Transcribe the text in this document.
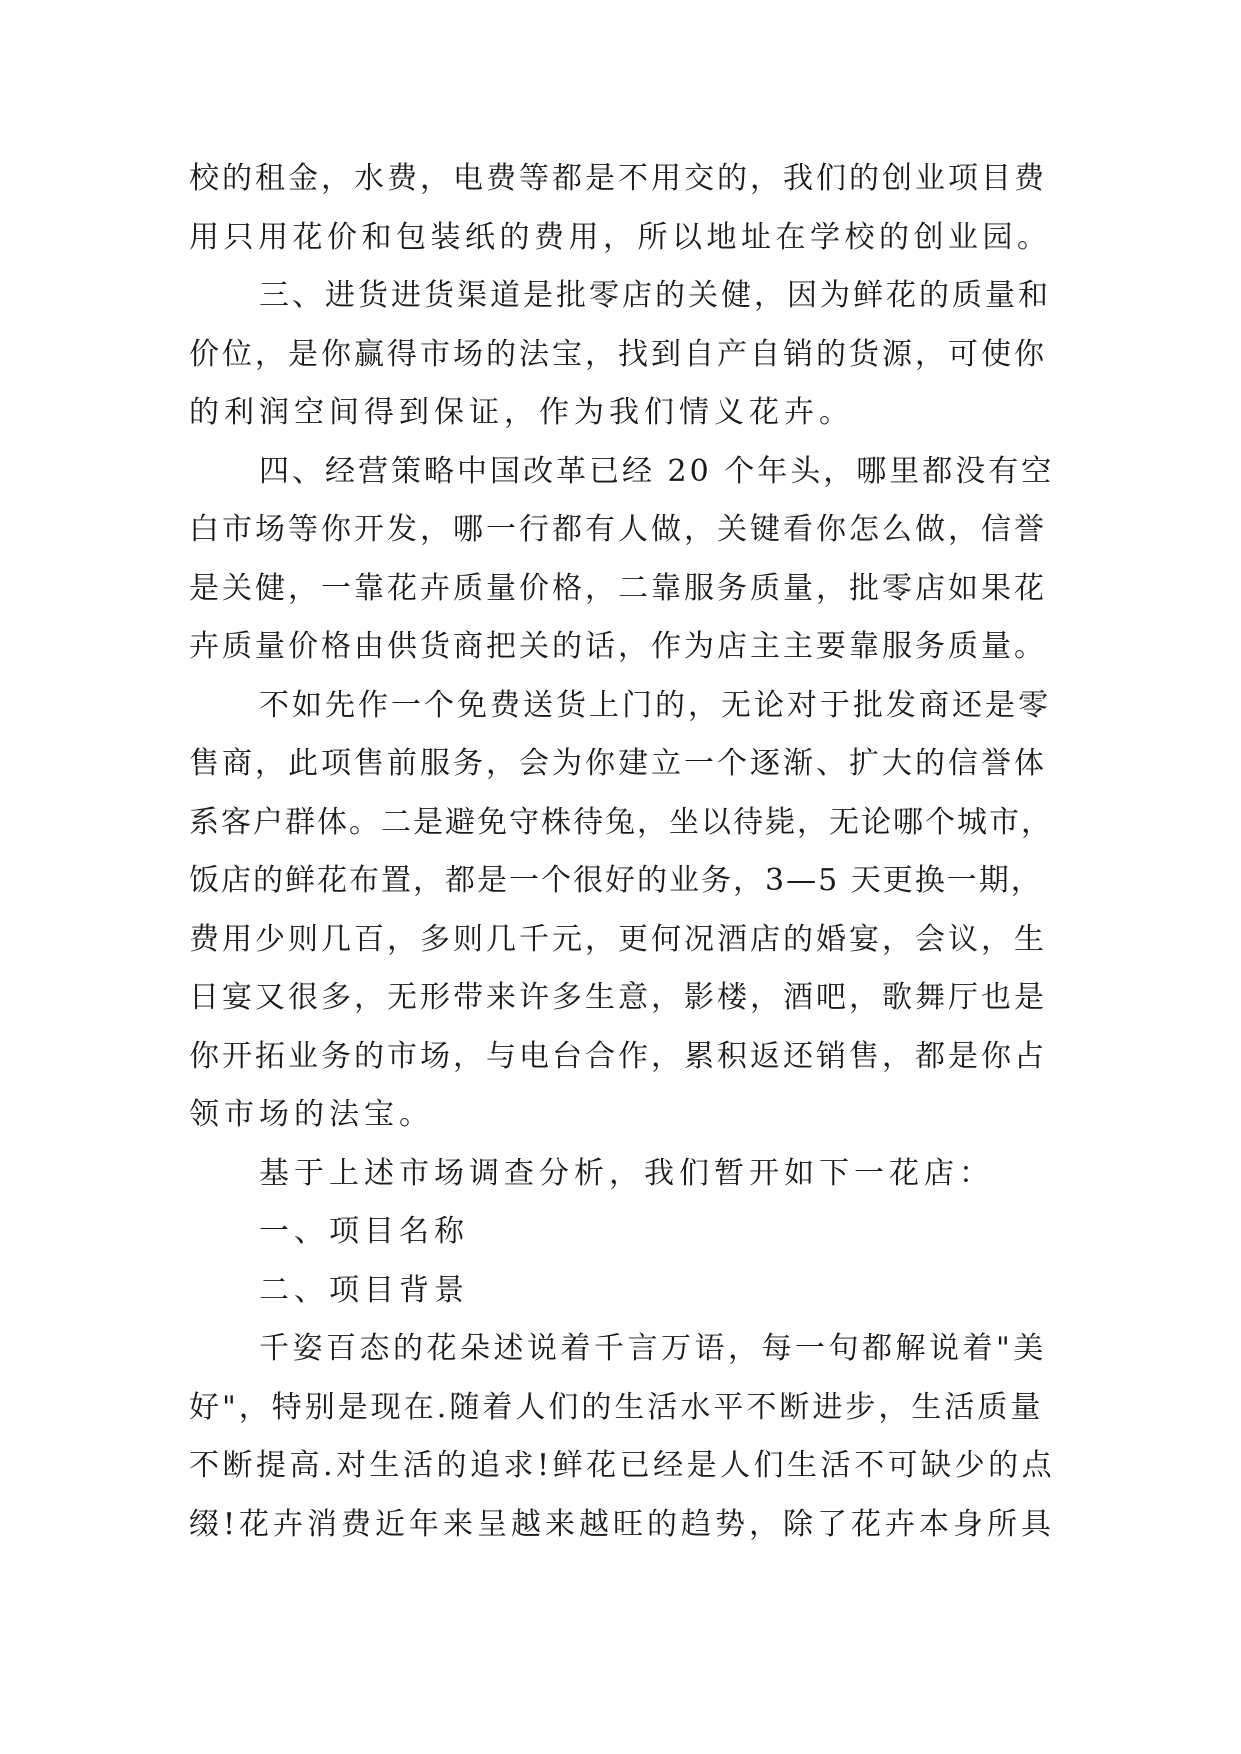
校的租金，水费，电费等都是不用交的，我们的创业项目费
用只用花价和包装纸的费用，所以地址在学校的创业园。
三、进货进货渠道是批零店的关健，因为鲜花的质量和
价位，是你赢得市场的法宝，找到自产自销的货源，可使你
的利润空间得到保证，作为我们情义花卉。
四、经营策略中国改革已经 20 个年头，哪里都没有空
白市场等你开发，哪一行都有人做，关键看你怎么做，信誉
是关健，一靠花卉质量价格，二靠服务质量，批零店如果花
卉质量价格由供货商把关的话，作为店主主要靠服务质量。
不如先作一个免费送货上门的，无论对于批发商还是零
售商，此项售前服务，会为你建立一个逐渐、扩大的信誉体
系客户群体。二是避免守株待兔，坐以待毙，无论哪个城市，
饭店的鲜花布置，都是一个很好的业务，3—5 天更换一期，
费用少则几百，多则几千元，更何况酒店的婚宴，会议，生
日宴又很多，无形带来许多生意，影楼，酒吧，歌舞厅也是
你开拓业务的市场，与电台合作，累积返还销售，都是你占
领市场的法宝。
基于上述市场调查分析，我们暂开如下一花店：
一、项目名称
二、项目背景
千姿百态的花朵述说着千言万语，每一句都解说着"美
好"，特别是现在.随着人们的生活水平不断进步，生活质量
不断提高.对生活的追求!鲜花已经是人们生活不可缺少的点
缀!花卉消费近年来呈越来越旺的趋势，除了花卉本身所具
